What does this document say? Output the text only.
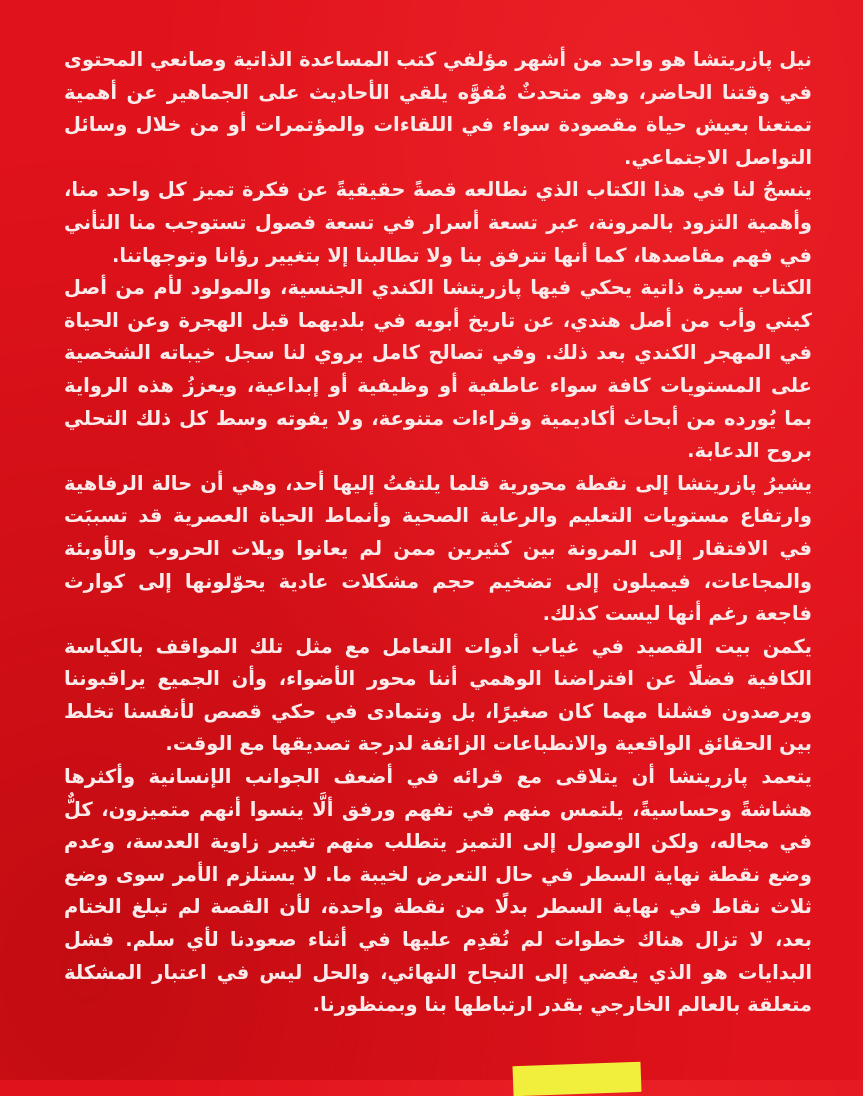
نيل پازريتشا هو واحد من أشهر مؤلفي كتب المساعدة الذاتية وصانعي المحتوى في وقتنا الحاضر، وهو متحدثٌ مُفوَّه يلقي الأحاديث على الجماهير عن أهمية تمتعنا بعيش حياة مقصودة سواء في اللقاءات والمؤتمرات أو من خلال وسائل التواصل الاجتماعي.

ينسجُ لنا في هذا الكتاب الذي نطالعه قصةً حقيقيةً عن فكرة تميز كل واحد منا، وأهمية التزود بالمرونة، عبر تسعة أسرار في تسعة فصول تستوجب منا التأني في فهم مقاصدها، كما أنها تترفق بنا ولا تطالبنا إلا بتغيير رؤانا وتوجهاتنا.

الكتاب سيرة ذاتية يحكي فيها پازريتشا الكندي الجنسية، والمولود لأم من أصل كيني وأب من أصل هندي، عن تاريخ أبويه في بلديهما قبل الهجرة وعن الحياة في المهجر الكندي بعد ذلك. وفي تصالح كامل يروي لنا سجل خيباته الشخصية على المستويات كافة سواء عاطفية أو وظيفية أو إبداعية، ويعززُ هذه الرواية بما يُورده من أبحاث أكاديمية وقراءات متنوعة، ولا يفوته وسط كل ذلك التحلي بروح الدعابة.

يشيرُ پازريتشا إلى نقطة محورية قلما يلتفتُ إليها أحد، وهي أن حالة الرفاهية وارتفاع مستويات التعليم والرعاية الصحية وأنماط الحياة العصرية قد تسببَت في الافتقار إلى المرونة بين كثيرين ممن لم يعانوا ويلات الحروب والأوبئة والمجاعات، فيميلون إلى تضخيم حجم مشكلات عادية يحوّلونها إلى كوارث فاجعة رغم أنها ليست كذلك.

يكمن بيت القصيد في غياب أدوات التعامل مع مثل تلك المواقف بالكياسة الكافية فضلًا عن افتراضنا الوهمي أننا محور الأضواء، وأن الجميع يراقبوننا ويرصدون فشلنا مهما كان صغيرًا، بل ونتمادى في حكي قصص لأنفسنا تخلط بين الحقائق الواقعية والانطباعات الزائفة لدرجة تصديقها مع الوقت.

يتعمد پازريتشا أن يتلاقى مع قرائه في أضعف الجوانب الإنسانية وأكثرها هشاشةً وحساسيةً، يلتمس منهم في تفهم ورفق ألَّا ينسوا أنهم متميزون، كلٌّ في مجاله، ولكن الوصول إلى التميز يتطلب منهم تغيير زاوية العدسة، وعدم وضع نقطة نهاية السطر في حال التعرض لخيبة ما. لا يستلزم الأمر سوى وضع ثلاث نقاط في نهاية السطر بدلًا من نقطة واحدة، لأن القصة لم تبلغ الختام بعد، لا تزال هناك خطوات لم نُقدِم عليها في أثناء صعودنا لأي سلم. فشل البدايات هو الذي يفضي إلى النجاح النهائي، والحل ليس في اعتبار المشكلة متعلقة بالعالم الخارجي بقدر ارتباطها بنا وبمنظورنا.
